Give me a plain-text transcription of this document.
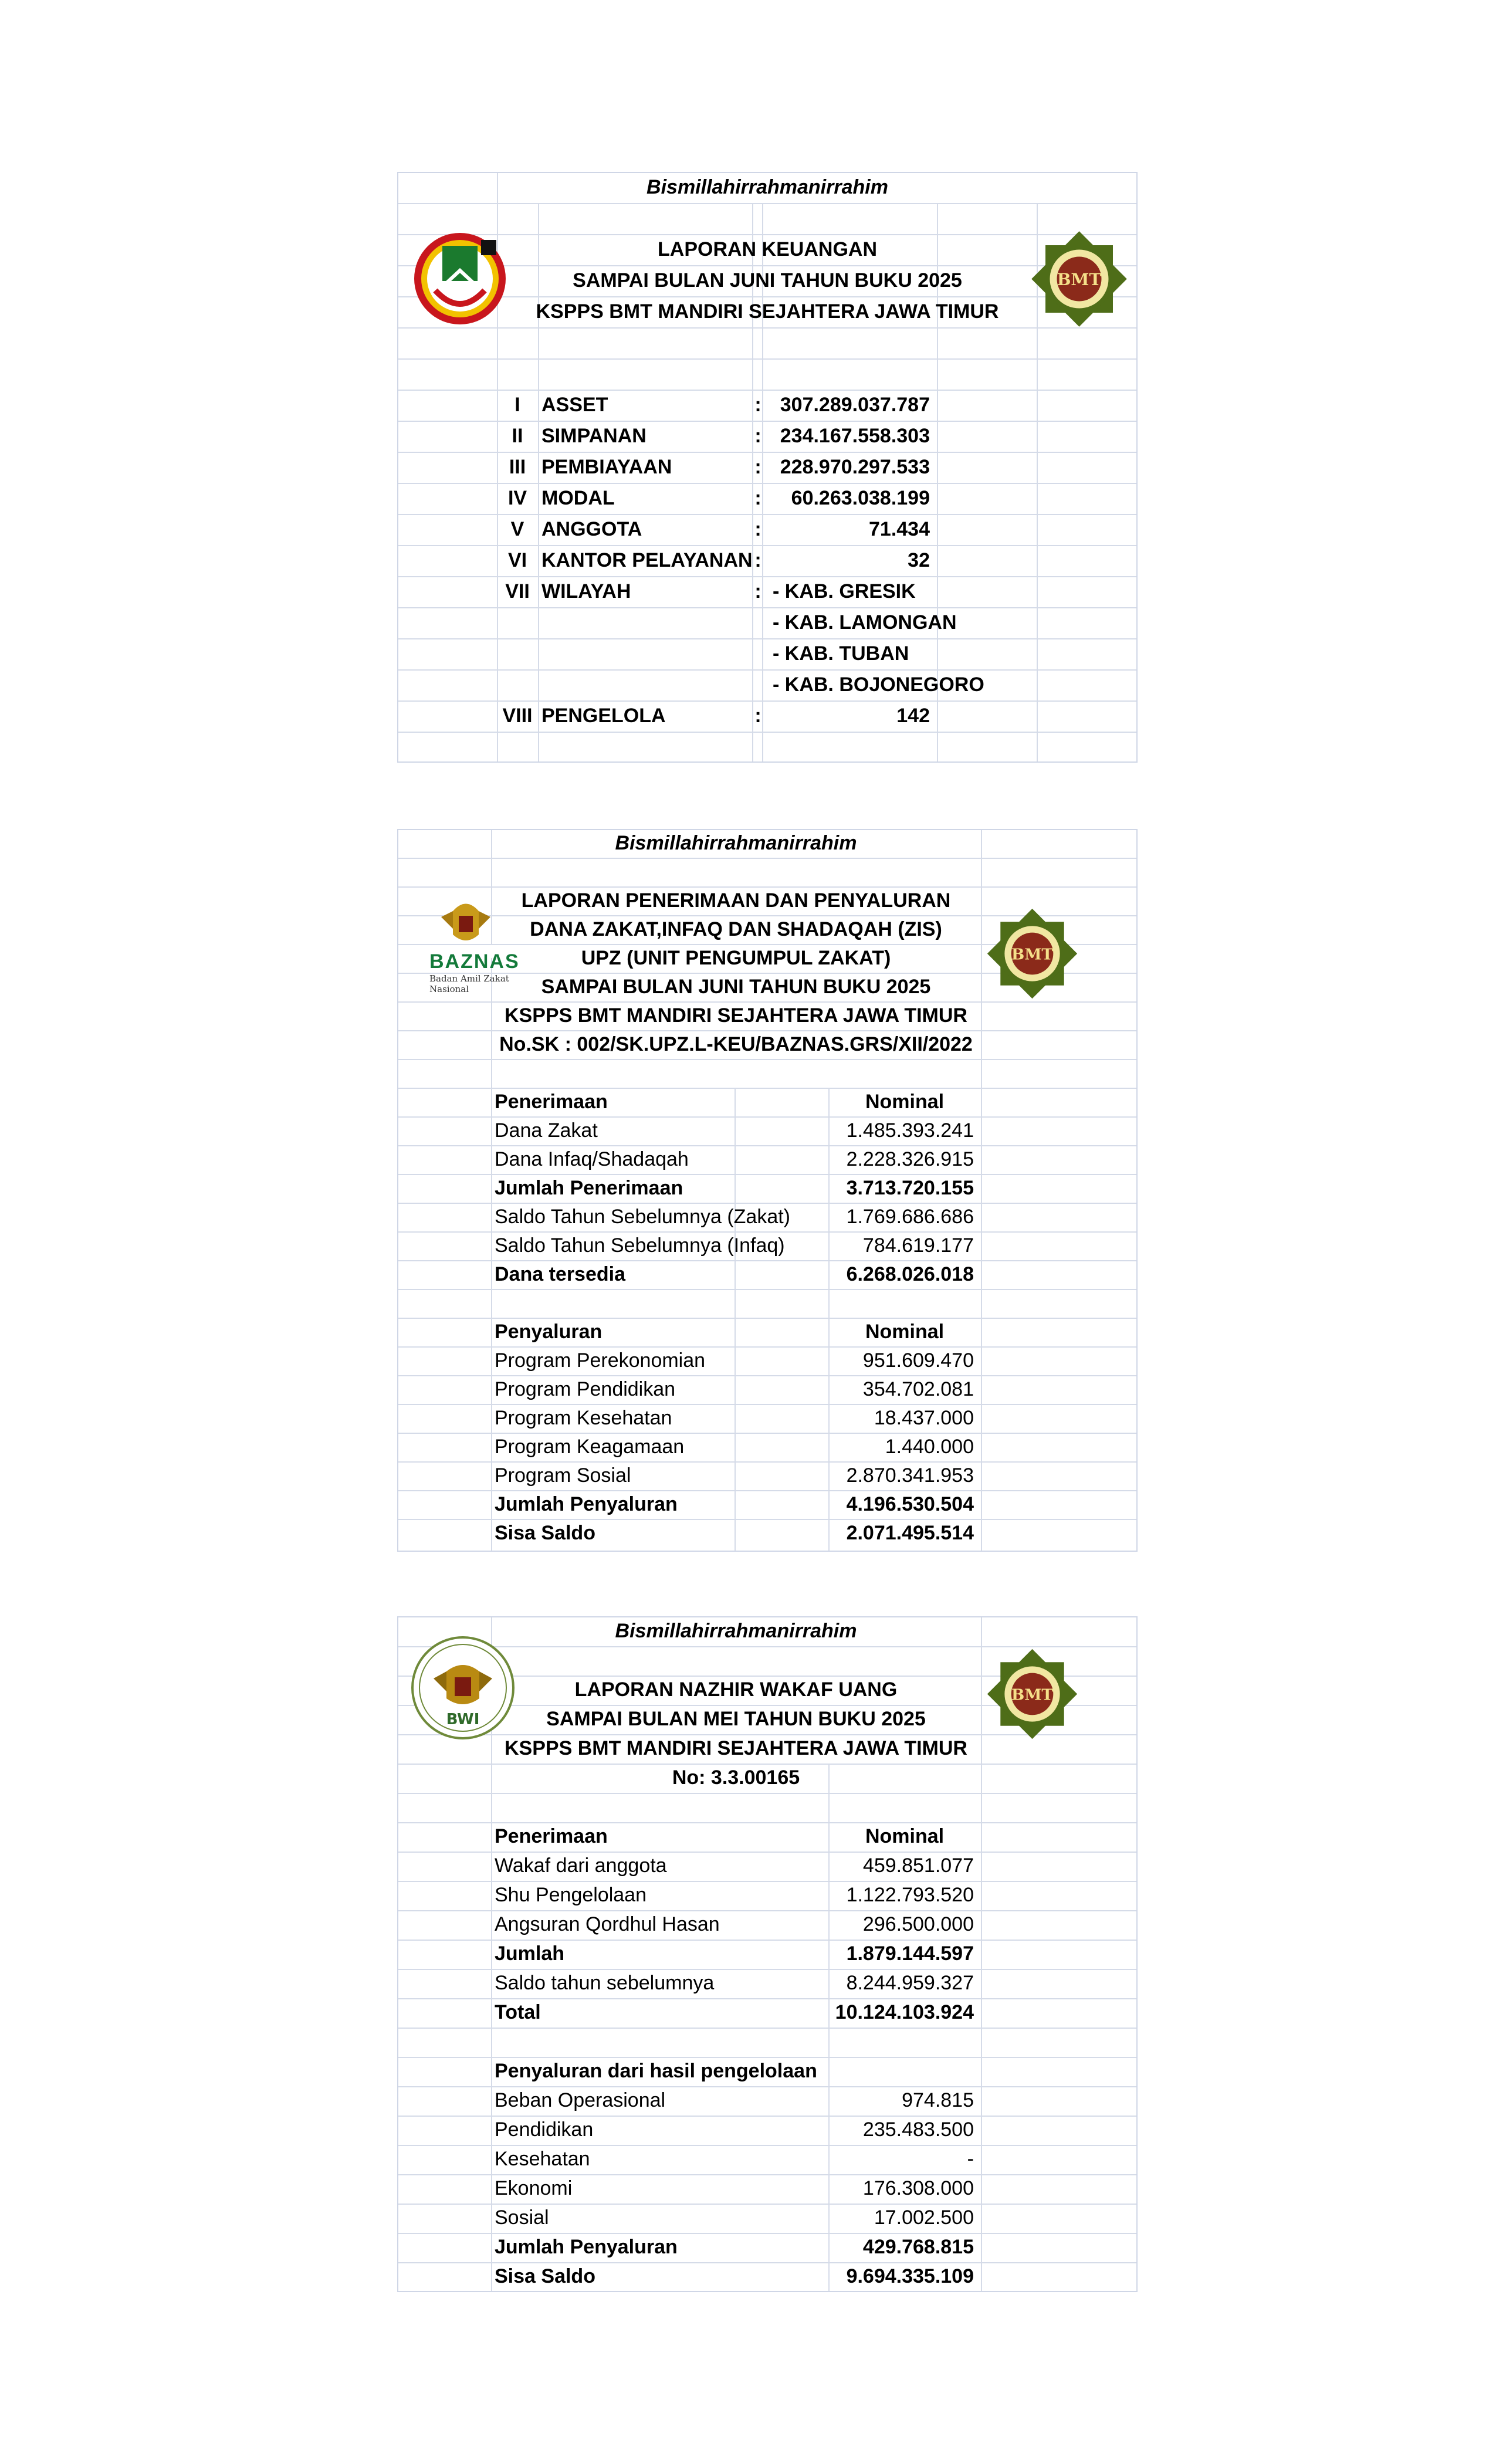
Bismillahirrahmanirrahim
LAPORAN KEUANGAN
SAMPAI BULAN JUNI TAHUN BUKU 2025
KSPPS BMT MANDIRI SEJAHTERA JAWA TIMUR
BMT
I	ASSET	: 307.289.037.787
II SIMPANAN	: 234.167.558.303
III PEMBIAYAAN	: 228.970.297.533
IV MODAL	:	60.263.038.199
V ANGGOTA	:	71.434
VI KANTOR PELAYANAN :	32
VII WILAYAH	: - KAB. GRESIK
- KAB. LAMONGAN
- KAB. TUBAN
- KAB. BOJONEGORO
VIII PENGELOLA	:	142
Bismillahirrahmanirrahim
LAPORAN PENERIMAAN DAN PENYALURAN
DANA ZAKAT,INFAQ DAN SHADAQAH (ZIS)
UPZ (UNIT PENGUMPUL ZAKAT)
SAMPAI BULAN JUNI TAHUN BUKU 2025
KSPPS BMT MANDIRI SEJAHTERA JAWA TIMUR
No.SK : 002/SK.UPZ.L-KEU/BAZNAS.GRS/XII/2022
BAZNAS
Badan Amil Zakat Nasional
BMT
Penerimaan	Nominal
Dana Zakat	1.485.393.241
Dana Infaq/Shadaqah	2.228.326.915
Jumlah Penerimaan	3.713.720.155
Saldo Tahun Sebelumnya (Zakat)	1.769.686.686
Saldo Tahun Sebelumnya (Infaq)	784.619.177
Dana tersedia	6.268.026.018
Penyaluran	Nominal
Program Perekonomian	951.609.470
Program Pendidikan	354.702.081
Program Kesehatan	18.437.000
Program Keagamaan	1.440.000
Program Sosial	2.870.341.953
Jumlah Penyaluran	4.196.530.504
Sisa Saldo	2.071.495.514
Bismillahirrahmanirrahim
LAPORAN NAZHIR WAKAF UANG
SAMPAI BULAN MEI TAHUN BUKU 2025
KSPPS BMT MANDIRI SEJAHTERA JAWA TIMUR
No: 3.3.00165
BWI
BMT
Penerimaan	Nominal
Wakaf dari anggota	459.851.077
Shu Pengelolaan	1.122.793.520
Angsuran Qordhul Hasan	296.500.000
Jumlah	1.879.144.597
Saldo tahun sebelumnya	8.244.959.327
Total	10.124.103.924
Penyaluran dari hasil pengelolaan
Beban Operasional	974.815
Pendidikan	235.483.500
Kesehatan	-
Ekonomi	176.308.000
Sosial	17.002.500
Jumlah Penyaluran	429.768.815
Sisa Saldo	9.694.335.109
